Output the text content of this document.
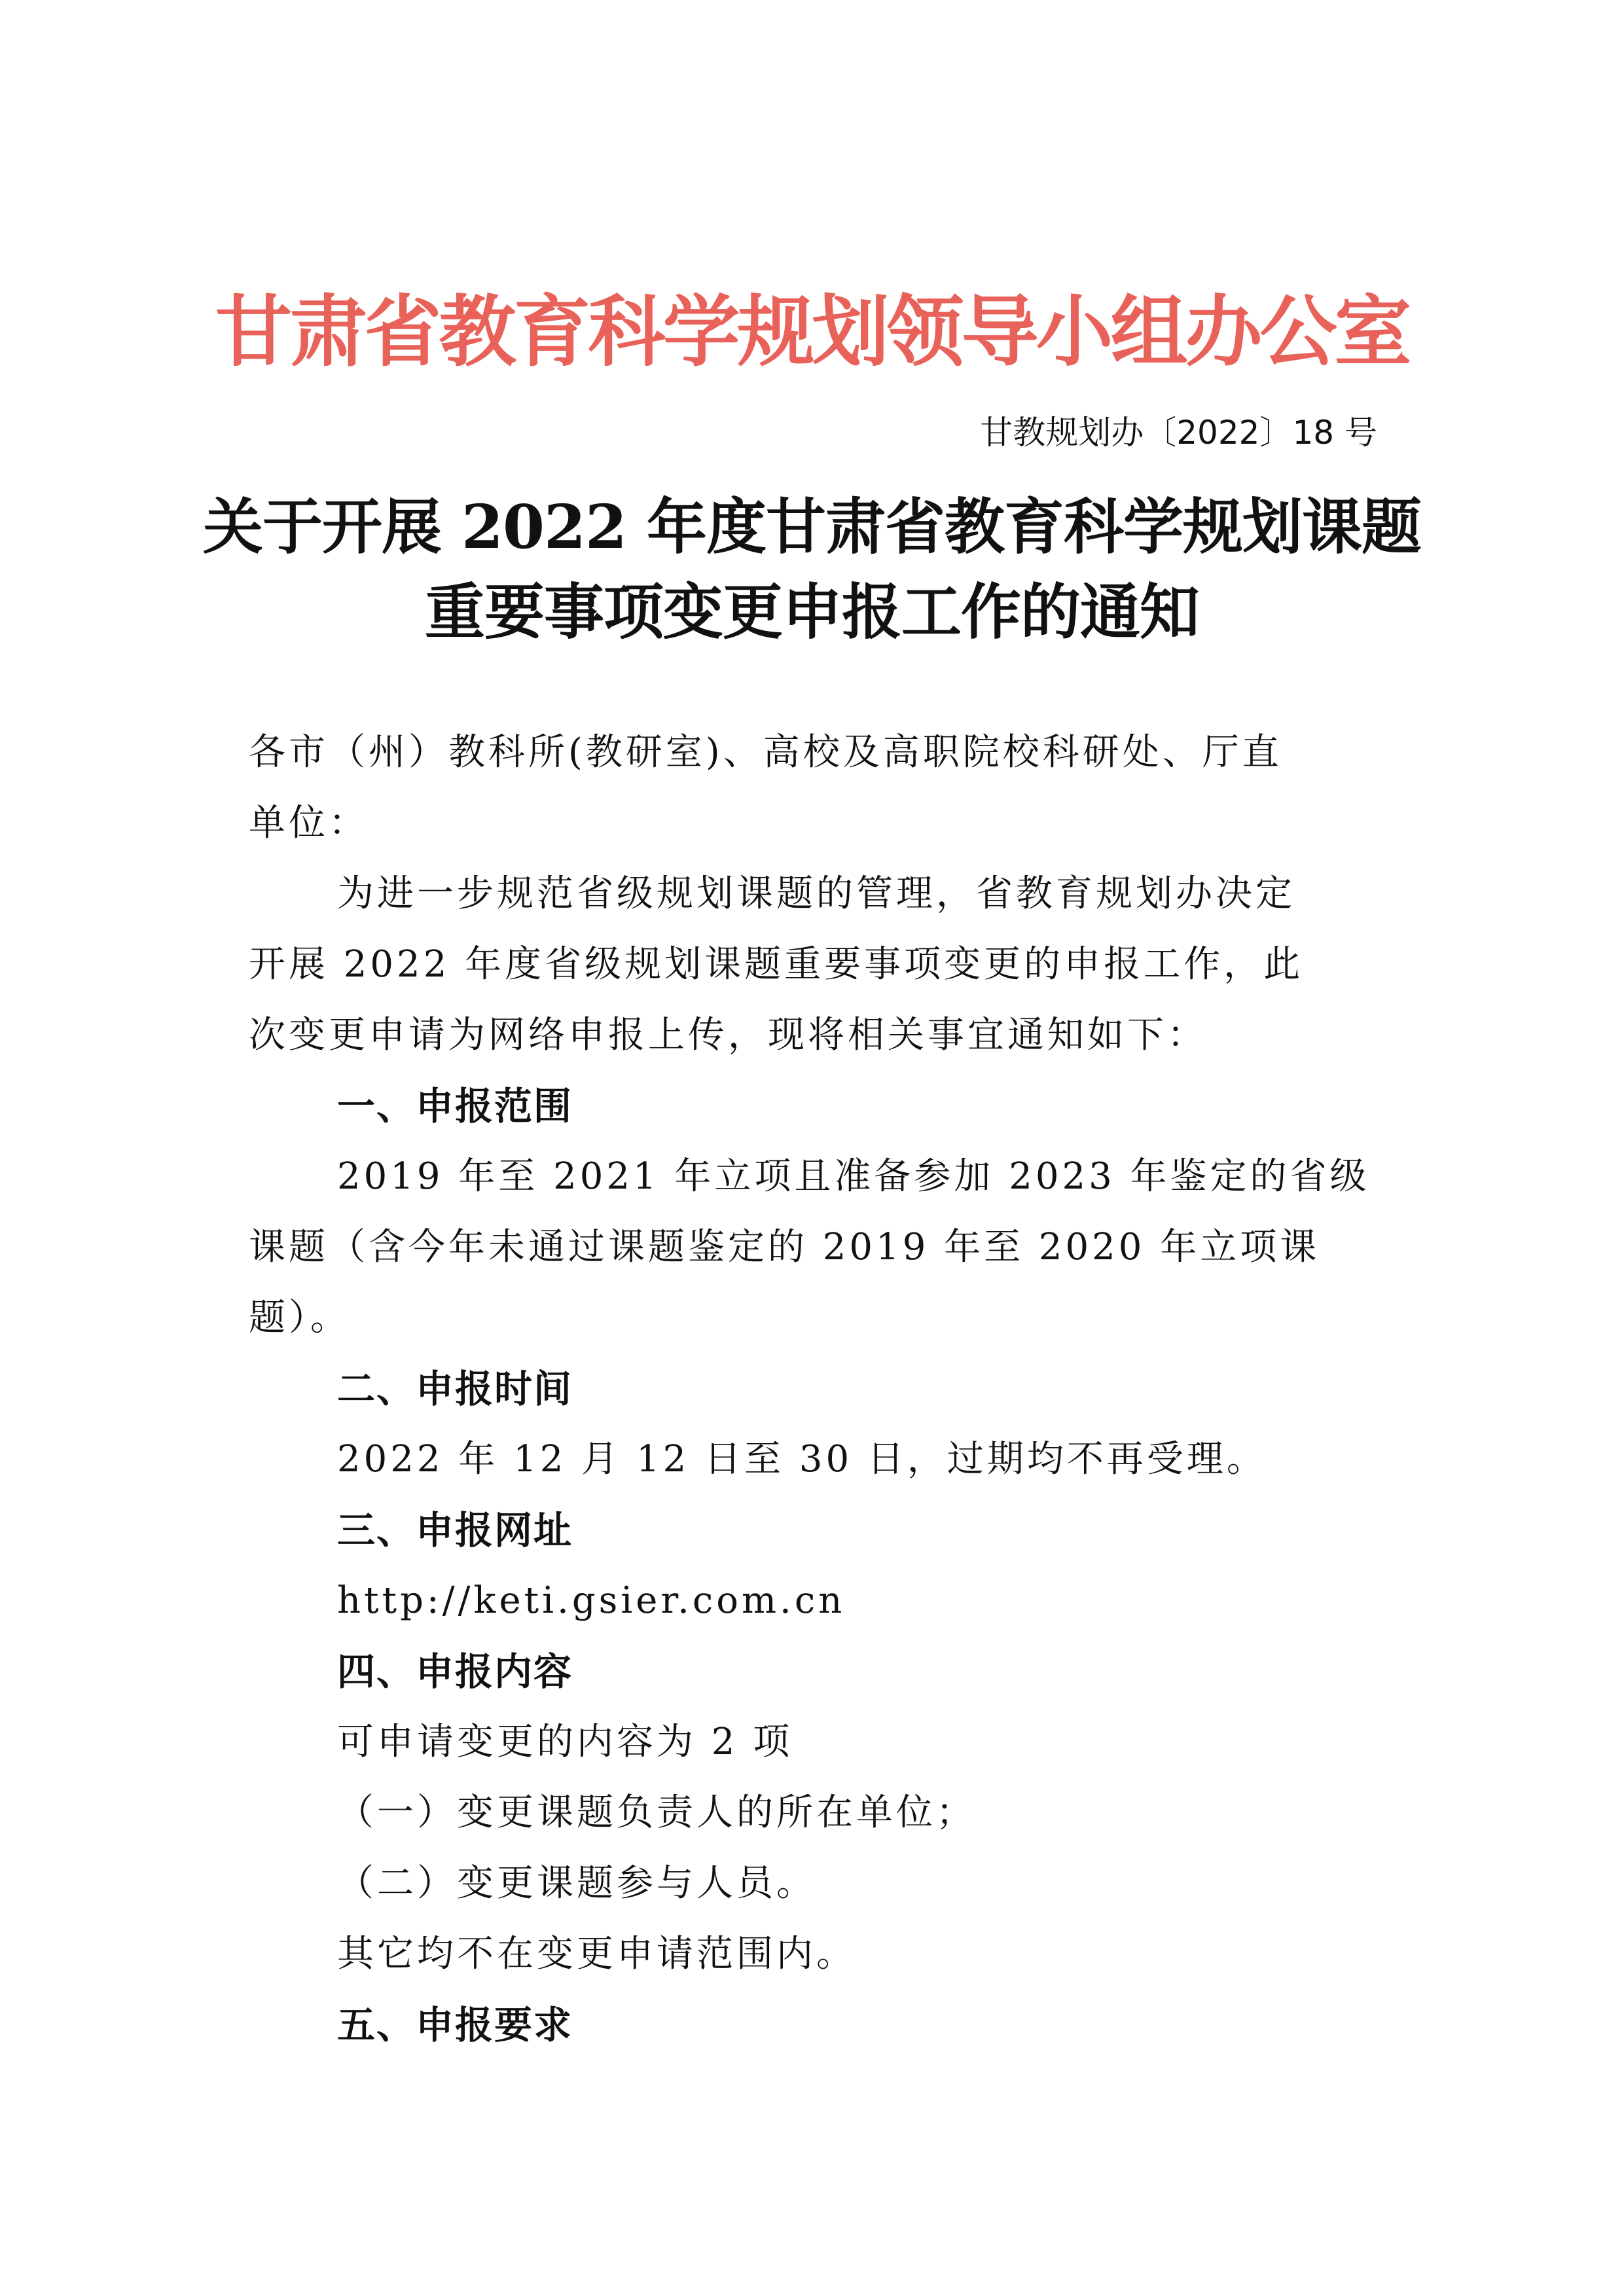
甘肃省教育科学规划领导小组办公室
甘教规划办〔2022〕18 号
关于开展 2022 年度甘肃省教育科学规划课题
重要事项变更申报工作的通知
各市（州）教科所(教研室)、高校及高职院校科研处、厅直
单位：
为进一步规范省级规划课题的管理，省教育规划办决定
开展 2022 年度省级规划课题重要事项变更的申报工作，此
次变更申请为网络申报上传，现将相关事宜通知如下：
一、申报范围
2019 年至 2021 年立项且准备参加 2023 年鉴定的省级
课题（含今年未通过课题鉴定的 2019 年至 2020 年立项课
题）。
二、申报时间
2022 年 12 月 12 日至 30 日，过期均不再受理。
三、申报网址
http://keti.gsier.com.cn
四、申报内容
可申请变更的内容为 2 项
（一）变更课题负责人的所在单位；
（二）变更课题参与人员。
其它均不在变更申请范围内。
五、申报要求
